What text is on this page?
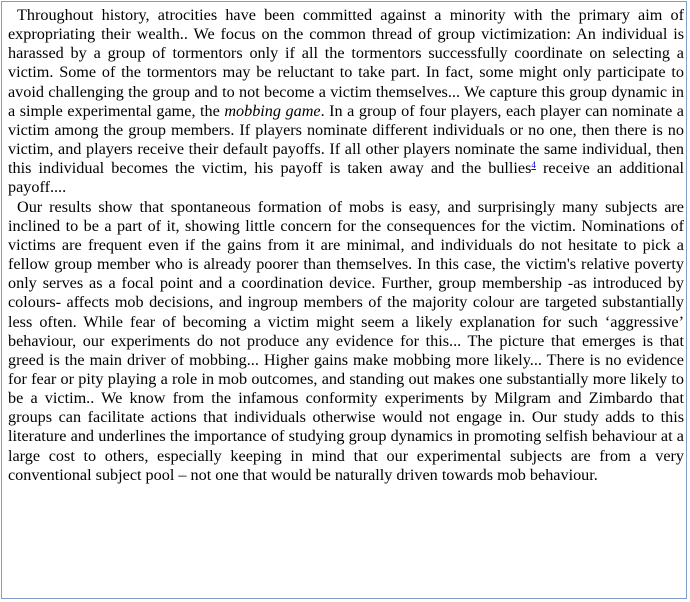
Throughout history, atrocities have been committed against a minority with the primary aim of expropriating their wealth.. We focus on the common thread of group victimization: An individual is harassed by a group of tormentors only if all the tormentors successfully coordinate on selecting a victim. Some of the tormentors may be reluctant to take part. In fact, some might only participate to avoid challenging the group and to not become a victim themselves... We capture this group dynamic in a simple experimental game, the mobbing game. In a group of four players, each player can nominate a victim among the group members. If players nominate different individuals or no one, then there is no victim, and players receive their default payoffs. If all other players nominate the same individual, then this individual becomes the victim, his payoff is taken away and the bullies$^4$ receive an additional payoff....

Our results show that spontaneous formation of mobs is easy, and surprisingly many subjects are inclined to be a part of it, showing little concern for the consequences for the victim. Nominations of victims are frequent even if the gains from it are minimal, and individuals do not hesitate to pick a fellow group member who is already poorer than themselves. In this case, the victim's relative poverty only serves as a focal point and a coordination device. Further, group membership -as introduced by colours- affects mob decisions, and ingroup members of the majority colour are targeted substantially less often. While fear of becoming a victim might seem a likely explanation for such ‘aggressive’ behaviour, our experiments do not produce any evidence for this... The picture that emerges is that greed is the main driver of mobbing... Higher gains make mobbing more likely... There is no evidence for fear or pity playing a role in mob outcomes, and standing out makes one substantially more likely to be a victim.. We know from the infamous conformity experiments by Milgram and Zimbardo that groups can facilitate actions that individuals otherwise would not engage in. Our study adds to this literature and underlines the importance of studying group dynamics in promoting selfish behaviour at a large cost to others, especially keeping in mind that our experimental subjects are from a very conventional subject pool – not one that would be naturally driven towards mob behaviour.
